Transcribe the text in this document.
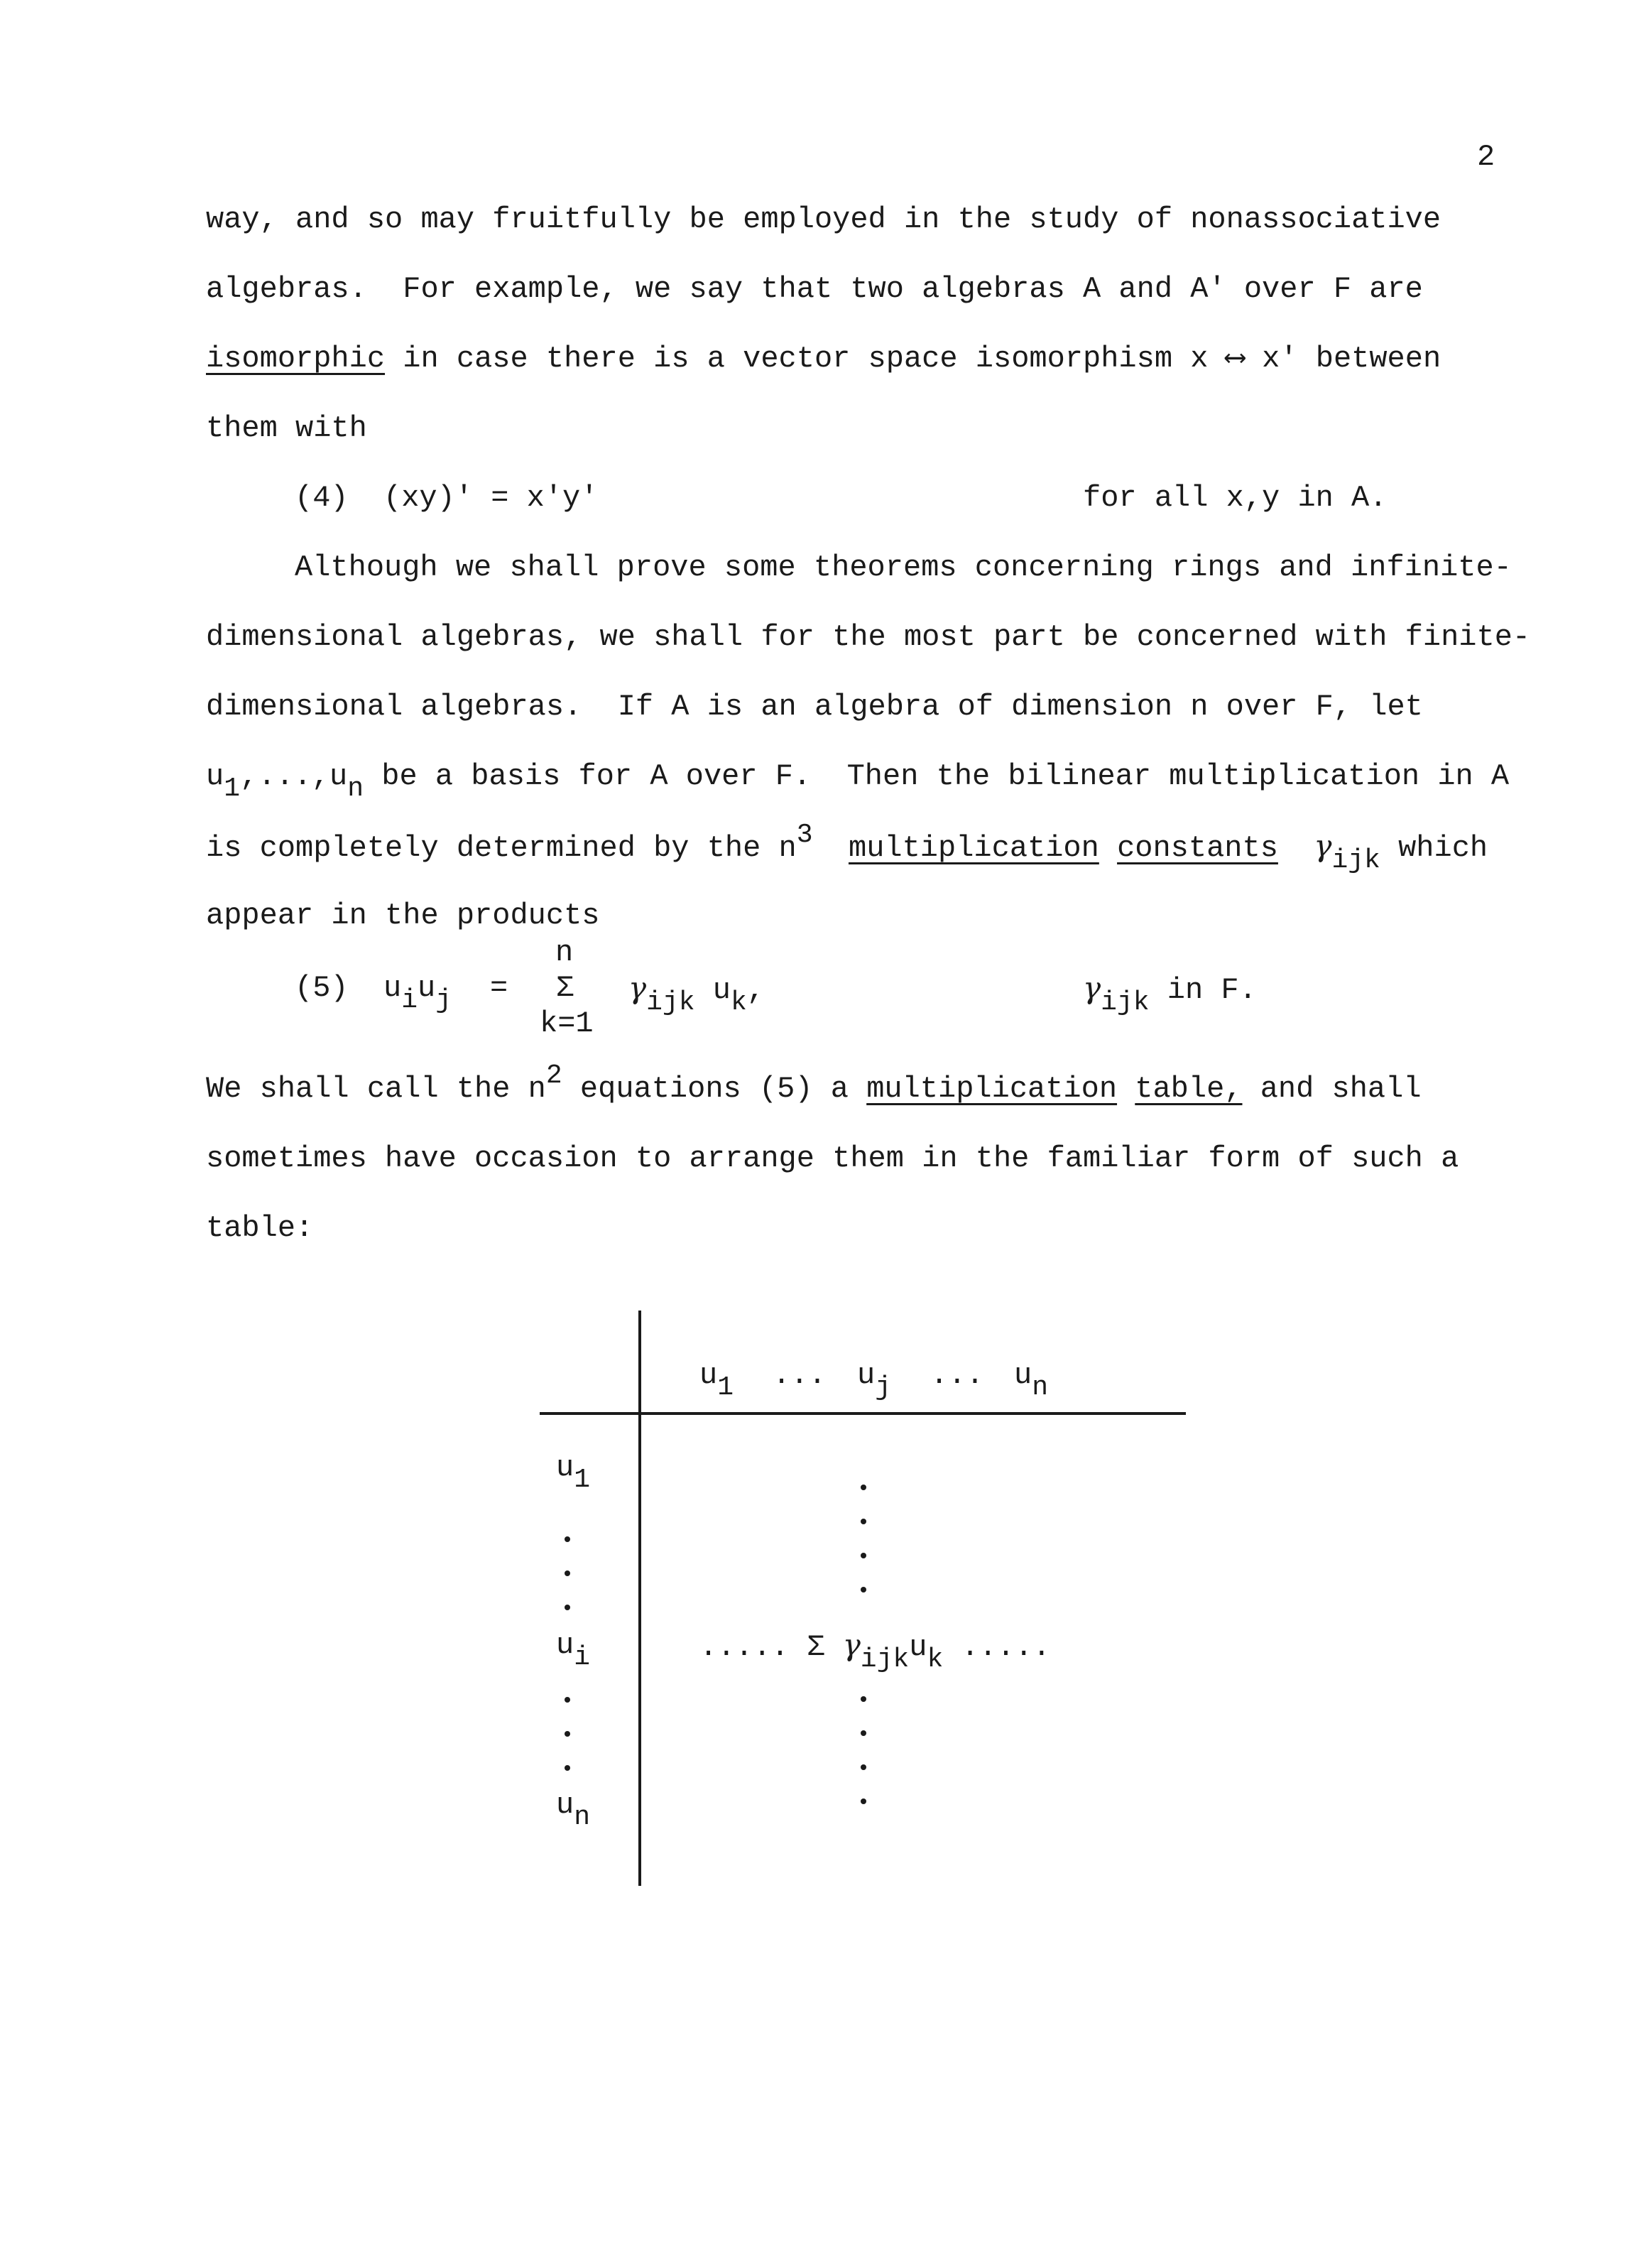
2
way, and so may fruitfully be employed in the study of nonassociative
algebras.  For example, we say that two algebras A and A' over F are
isomorphic in case there is a vector space isomorphism x ⟷ x' between
them with
(4) (xy)' = x'y'	for all x,y in A.
Although we shall prove some theorems concerning rings and infinite-
dimensional algebras, we shall for the most part be concerned with finite-
dimensional algebras.  If A is an algebra of dimension n over F, let
u1,...,un be a basis for A over F.  Then the bilinear multiplication in A
is completely determined by the n3 multiplication constants γijk which
appear in the products
(5) uiuj =
n
Σ
k=1
γijk uk,	γijk in F.
We shall call the n2 equations (5) a multiplication table, and shall
sometimes have occasion to arrange them in the familiar form of such a
table:
u1 ... uj ... un
u1
ui
un
..... Σ γijkuk .....
